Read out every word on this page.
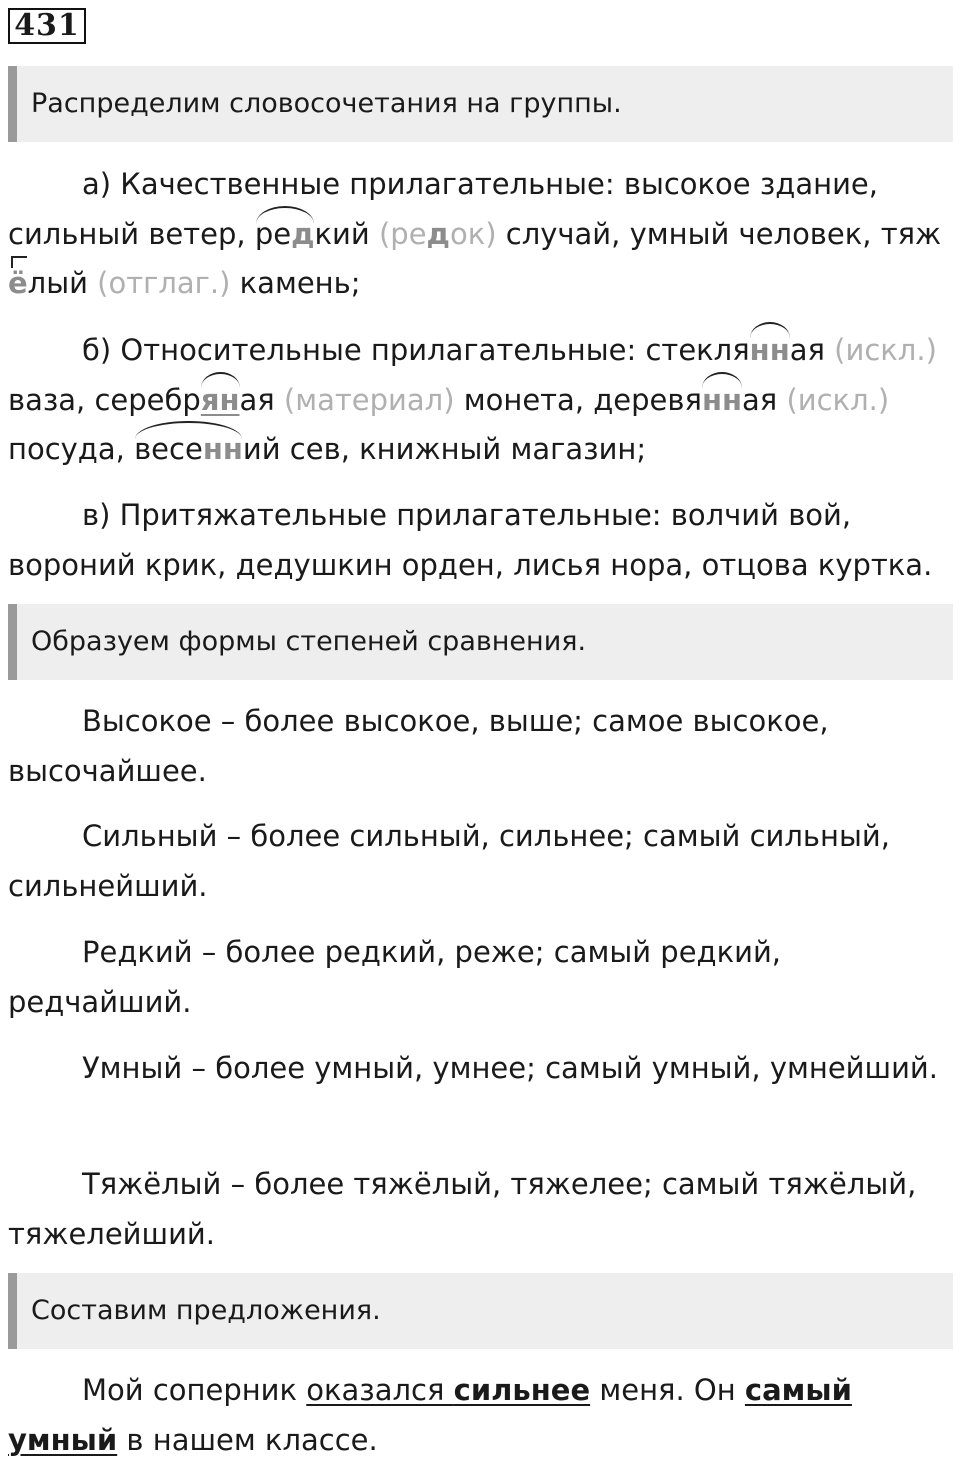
431
Распределим словосочетания на группы.

а) Качественные прилагательные: высокое здание, сильный ветер, редкий (редок) случай, умный человек, тяжёлый (отглаг.) камень;

б) Относительные прилагательные: стеклянная (искл.) ваза, серебряная (материал) монета, деревянная (искл.) посуда, весенний сев, книжный магазин;

в) Притяжательные прилагательные: волчий вой, вороний крик, дедушкин орден, лисья нора, отцова куртка.

Образуем формы степеней сравнения.

Высокое – более высокое, выше; самое высокое, высочайшее.

Сильный – более сильный, сильнее; самый сильный, сильнейший.

Редкий – более редкий, реже; самый редкий, редчайший.

Умный – более умный, умнее; самый умный, умнейший.

Тяжёлый – более тяжёлый, тяжелее; самый тяжёлый, тяжелейший.

Составим предложения.

Мой соперник оказался сильнее меня. Он самый умный в нашем классе.
